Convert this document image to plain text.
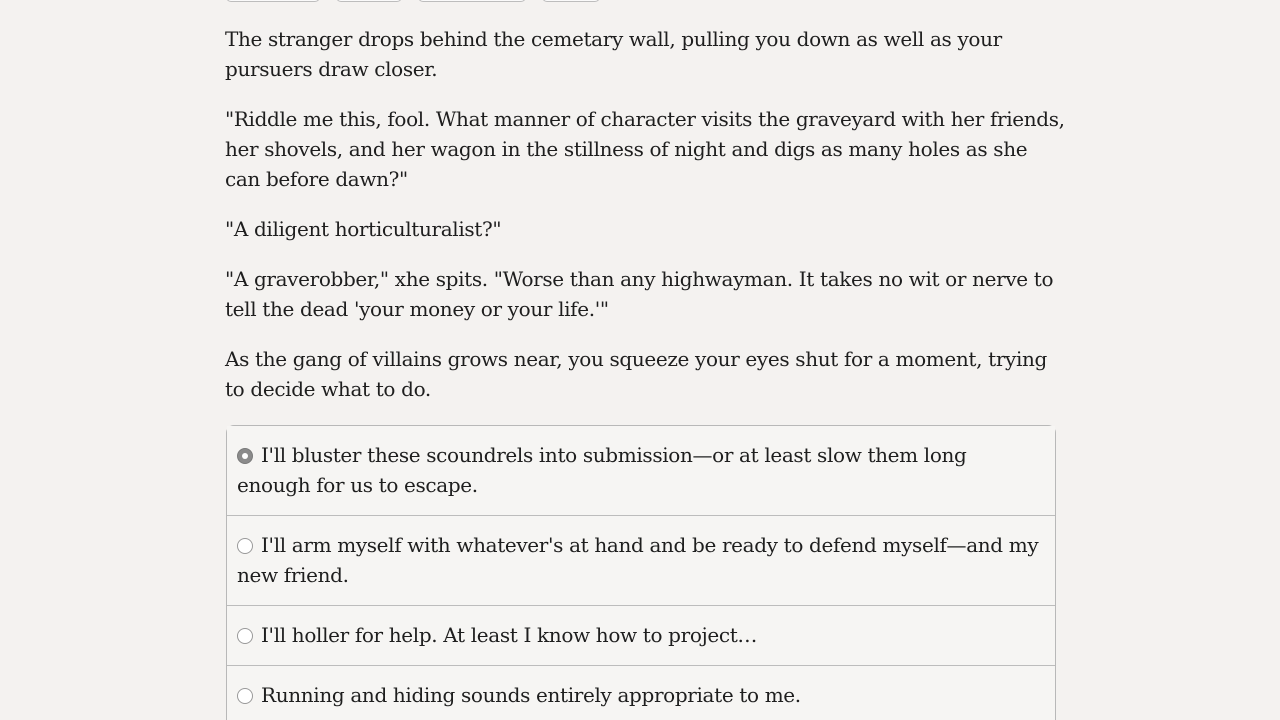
The stranger drops behind the cemetary wall, pulling you down as well as your pursuers draw closer.

"Riddle me this, fool. What manner of character visits the graveyard with her friends, her shovels, and her wagon in the stillness of night and digs as many holes as she can before dawn?"

"A diligent horticulturalist?"

"A graverobber," xhe spits. "Worse than any highwayman. It takes no wit or nerve to tell the dead 'your money or your life.'"

As the gang of villains grows near, you squeeze your eyes shut for a moment, trying to decide what to do.

I'll bluster these scoundrels into submission—or at least slow them long enough for us to escape.
I'll arm myself with whatever's at hand and be ready to defend myself—and my new friend.
I'll holler for help. At least I know how to project…
Running and hiding sounds entirely appropriate to me.
